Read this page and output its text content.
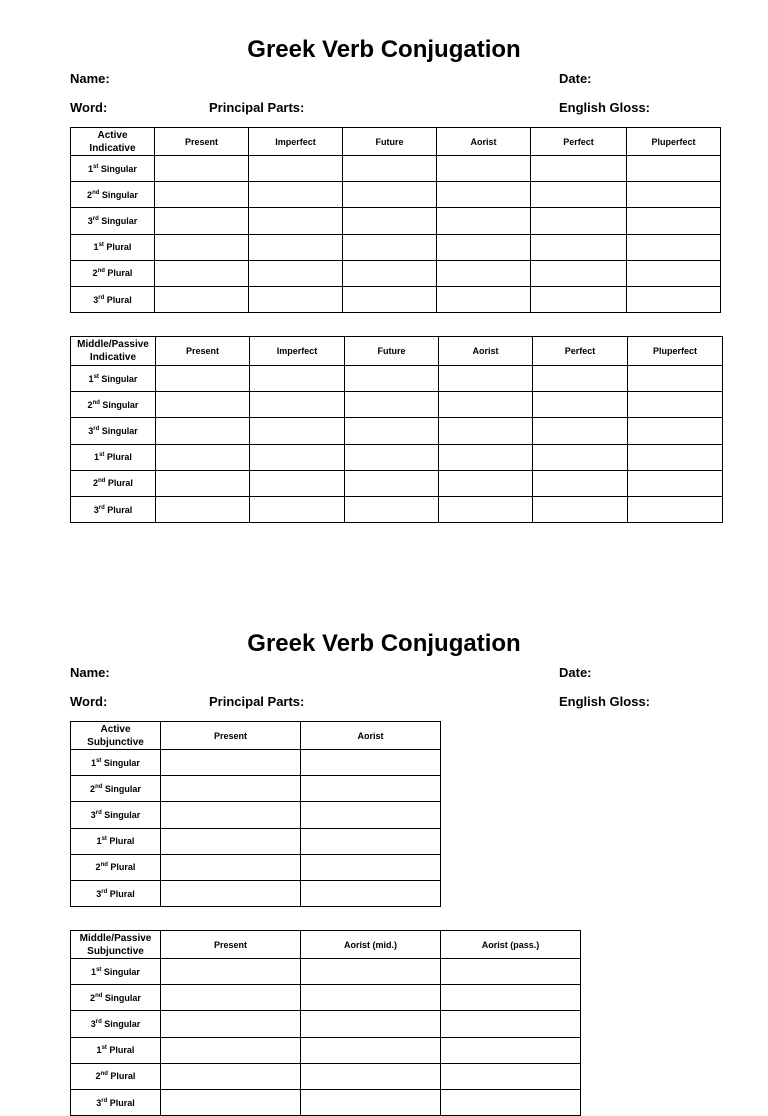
Greek Verb Conjugation
Name:	Date:
Word:	Principal Parts:	English Gloss:
Active
Indicative	Present	Imperfect	Future	Aorist	Perfect	Pluperfect
1st Singular						
2nd Singular						
3rd Singular						
1st Plural						
2nd Plural						
3rd Plural						
Middle/Passive
Indicative	Present	Imperfect	Future	Aorist	Perfect	Pluperfect
1st Singular						
2nd Singular						
3rd Singular						
1st Plural						
2nd Plural						
3rd Plural						
Greek Verb Conjugation
Name:	Date:
Word:	Principal Parts:	English Gloss:
Active
Subjunctive	Present	Aorist
1st Singular		
2nd Singular		
3rd Singular		
1st Plural		
2nd Plural		
3rd Plural		
Middle/Passive
Subjunctive	Present	Aorist (mid.)	Aorist (pass.)
1st Singular			
2nd Singular			
3rd Singular			
1st Plural			
2nd Plural			
3rd Plural			
